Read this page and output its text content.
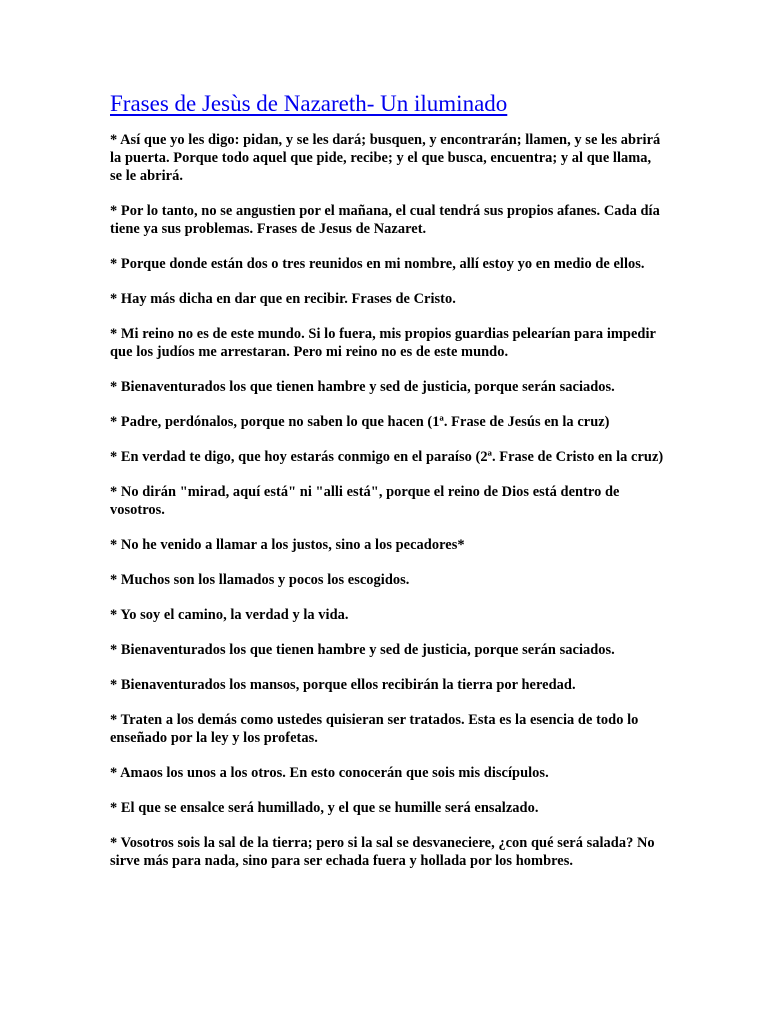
Frases de Jesùs de Nazareth- Un iluminado

* Así que yo les digo: pidan, y se les dará; busquen, y encontrarán; llamen, y se les abrirá la puerta. Porque todo aquel que pide, recibe; y el que busca, encuentra; y al que llama, se le abrirá.

* Por lo tanto, no se angustien por el mañana, el cual tendrá sus propios afanes. Cada día tiene ya sus problemas. Frases de Jesus de Nazaret.

* Porque donde están dos o tres reunidos en mi nombre, allí estoy yo en medio de ellos.

* Hay más dicha en dar que en recibir. Frases de Cristo.

* Mi reino no es de este mundo. Si lo fuera, mis propios guardias pelearían para impedir que los judíos me arrestaran. Pero mi reino no es de este mundo.

* Bienaventurados los que tienen hambre y sed de justicia, porque serán saciados.

* Padre, perdónalos, porque no saben lo que hacen (1ª. Frase de Jesús en la cruz)

* En verdad te digo, que hoy estarás conmigo en el paraíso (2ª. Frase de Cristo en la cruz)

* No dirán "mirad, aquí está" ni "alli está", porque el reino de Dios está dentro de vosotros.

* No he venido a llamar a los justos, sino a los pecadores*

* Muchos son los llamados y pocos los escogidos.

* Yo soy el camino, la verdad y la vida.

* Bienaventurados los que tienen hambre y sed de justicia, porque serán saciados.

* Bienaventurados los mansos, porque ellos recibirán la tierra por heredad.

* Traten a los demás como ustedes quisieran ser tratados. Esta es la esencia de todo lo enseñado por la ley y los profetas.

* Amaos los unos a los otros. En esto conocerán que sois mis discípulos.

* El que se ensalce será humillado, y el que se humille será ensalzado.

* Vosotros sois la sal de la tierra; pero si la sal se desvaneciere, ¿con qué será salada? No sirve más para nada, sino para ser echada fuera y hollada por los hombres.
